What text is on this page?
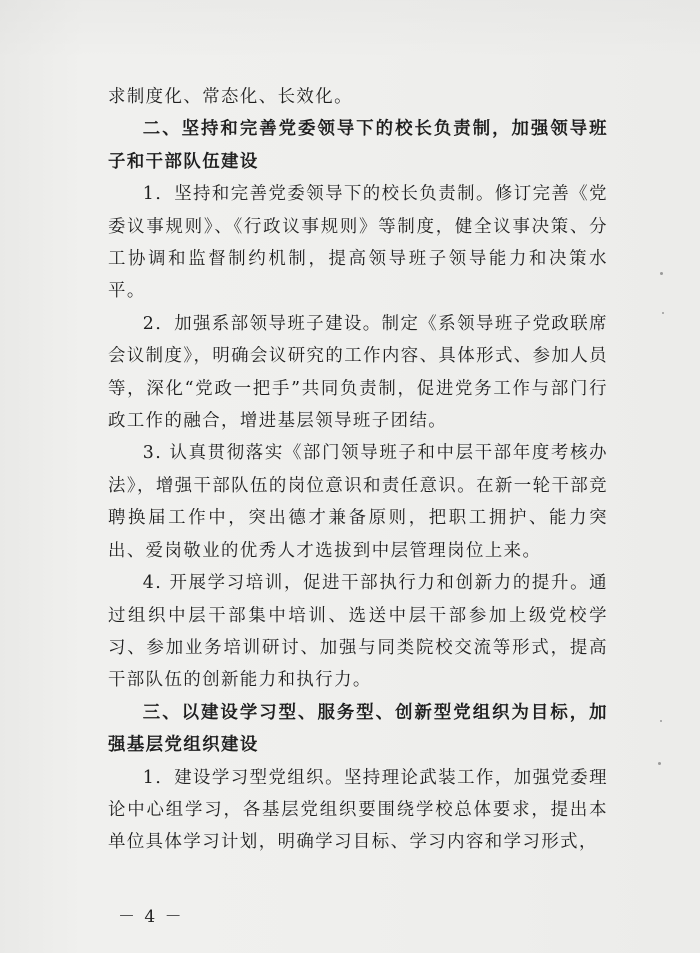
求制度化、常态化、长效化。

二、坚持和完善党委领导下的校长负责制，加强领导班子和干部队伍建设

1．坚持和完善党委领导下的校长负责制。修订完善《党委议事规则》、《行政议事规则》等制度，健全议事决策、分工协调和监督制约机制，提高领导班子领导能力和决策水平。

2．加强系部领导班子建设。制定《系领导班子党政联席会议制度》，明确会议研究的工作内容、具体形式、参加人员等，深化“党政一把手”共同负责制，促进党务工作与部门行政工作的融合，增进基层领导班子团结。

3. 认真贯彻落实《部门领导班子和中层干部年度考核办法》，增强干部队伍的岗位意识和责任意识。在新一轮干部竞聘换届工作中，突出德才兼备原则，把职工拥护、能力突出、爱岗敬业的优秀人才选拔到中层管理岗位上来。

4. 开展学习培训，促进干部执行力和创新力的提升。通过组织中层干部集中培训、选送中层干部参加上级党校学习、参加业务培训研讨、加强与同类院校交流等形式，提高干部队伍的创新能力和执行力。

三、以建设学习型、服务型、创新型党组织为目标，加强基层党组织建设

1．建设学习型党组织。坚持理论武装工作，加强党委理论中心组学习，各基层党组织要围绕学校总体要求，提出本单位具体学习计划，明确学习目标、学习内容和学习形式，

－ 4 －
